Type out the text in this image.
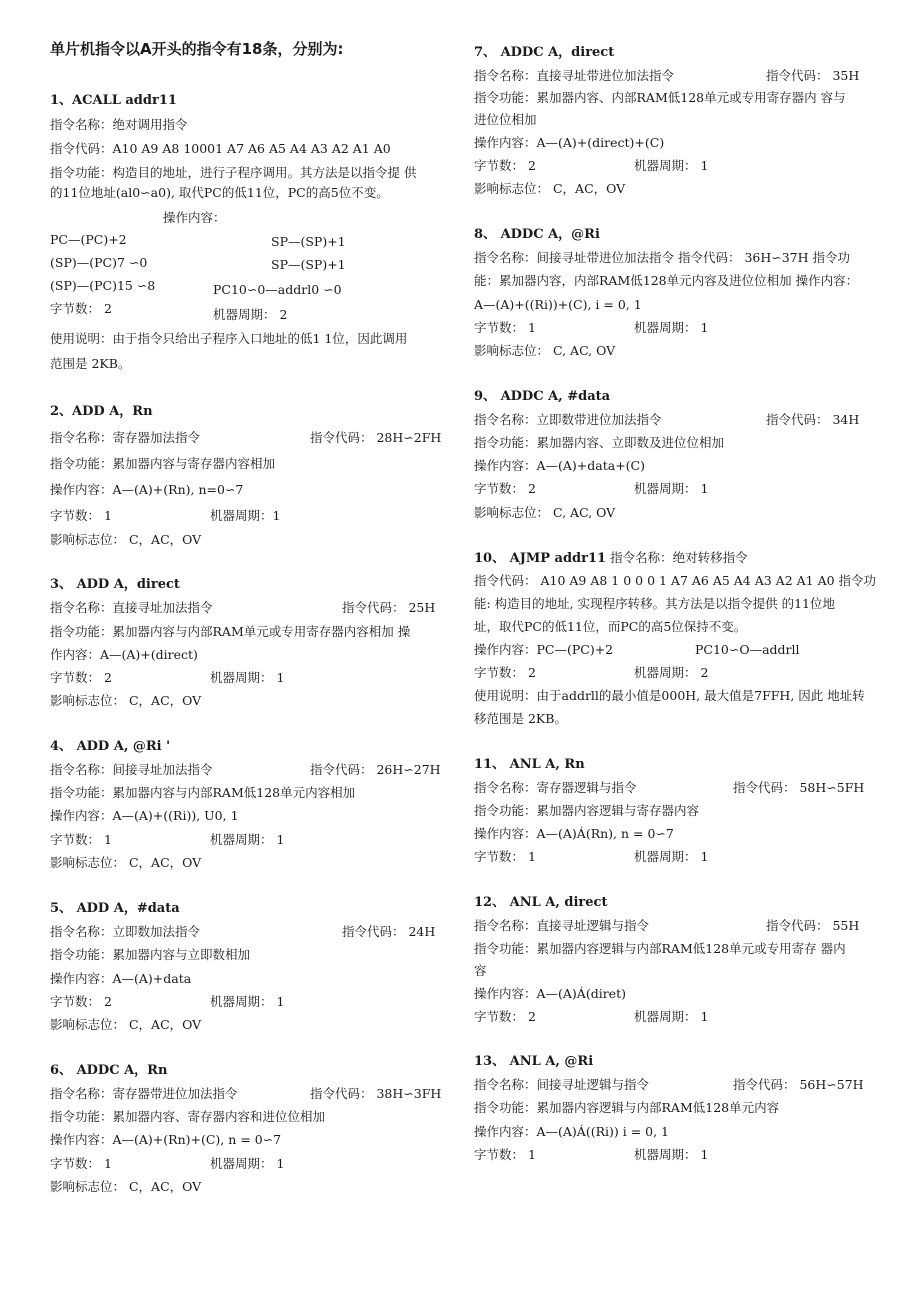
单片机指令以A开头的指令有18条，分别为:
1、ACALL addr11
指令名称：绝对调用指令
指令代码：A10 A9 A8 10001 A7 A6 A5 A4 A3 A2 A1 A0
指令功能：构造目的地址，进行子程序调用。其方法是以指令提 供
的11位地址(al0∽a0), 取代PC的低11位，PC的高5位不变。
操作内容：
PC—(PC)+2	SP—(SP)+1
(SP)—(PC)7 ∽0	SP—(SP)+1
(SP)—(PC)15 ∽8	PC10∽0—addrl0 ∽0
字节数： 2	机器周期： 2
使用说明：由于指令只给出子程序入口地址的低1 1位，因此调用
范围是 2KB。
2、ADD A，Rn
指令名称：寄存器加法指令	指令代码： 28H∽2FH
指令功能：累加器内容与寄存器内容相加
操作内容：A—(A)+(Rn), n=0∽7
字节数： 1	机器周期：1
影响标志位： C，AC，OV
3、 ADD A，direct
指令名称：直接寻址加法指令	指令代码： 25H
指令功能：累加器内容与内部RAM单元或专用寄存器内容相加 操
作内容：A—(A)+(direct)
字节数： 2	机器周期： 1
影响标志位： C，AC，OV
4、 ADD A, @Ri '
指令名称：间接寻址加法指令	指令代码： 26H∽27H
指令功能：累加器内容与内部RAM低128单元内容相加
操作内容：A—(A)+((Ri)), U0, 1
字节数： 1	机器周期： 1
影响标志位： C，AC，OV
5、 ADD A，#data
指令名称：立即数加法指令	指令代码： 24H
指令功能：累加器内容与立即数相加
操作内容：A—(A)+data
字节数： 2	机器周期： 1
影响标志位： C，AC，OV
6、 ADDC A，Rn
指令名称：寄存器带进位加法指令	指令代码： 38H∽3FH
指令功能：累加器内容、寄存器内容和进位位相加
操作内容：A—(A)+(Rn)+(C), n = 0∽7
字节数： 1	机器周期： 1
影响标志位： C，AC，OV
7、 ADDC A，direct
指令名称：直接寻址带进位加法指令	指令代码： 35H
指令功能：累加器内容、内部RAM低128单元或专用寄存器内 容与
进位位相加
操作内容：A—(A)+(direct)+(C)
字节数： 2	机器周期： 1
影响标志位： C，AC，OV
8、 ADDC A，@Ri
指令名称：间接寻址带进位加法指令 指令代码： 36H∽37H 指令功
能：累加器内容，内部RAM低128单元内容及进位位相加 操作内容：
A—(A)+((Ri))+(C), i = 0, 1
字节数： 1	机器周期： 1
影响标志位： C, AC, OV
9、 ADDC A, #data
指令名称：立即数带进位加法指令	指令代码： 34H
指令功能：累加器内容、立即数及进位位相加
操作内容：A—(A)+data+(C)
字节数： 2	机器周期： 1
影响标志位： C, AC, OV
10、 AJMP addr11 指令名称：绝对转移指令
指令代码： A10 A9 A8 1 0 0 0 1 A7 A6 A5 A4 A3 A2 A1 A0 指令功
能: 构造目的地址, 实现程序转移。其方法是以指令提供 的11位地
址，取代PC的低11位，而PC的高5位保持不变。
操作内容：PC—(PC)+2	PC10∽O—addrll
字节数： 2	机器周期： 2
使用说明：由于addrll的最小值是000H, 最大值是7FFH, 因此 地址转
移范围是 2KB。
11、 ANL A, Rn
指令名称：寄存器逻辑与指令	指令代码： 58H∽5FH
指令功能：累加器内容逻辑与寄存器内容
操作内容：A—(A)Á(Rn), n = 0∽7
字节数： 1	机器周期： 1
12、 ANL A, direct
指令名称：直接寻址逻辑与指令	指令代码： 55H
指令功能：累加器内容逻辑与内部RAM低128单元或专用寄存 器内
容
操作内容：A—(A)Á(diret)
字节数： 2	机器周期： 1
13、 ANL A, @Ri
指令名称：间接寻址逻辑与指令	指令代码： 56H∽57H
指令功能：累加器内容逻辑与内部RAM低128单元内容
操作内容：A—(A)Á((Ri)) i = 0, 1
字节数： 1	机器周期： 1
